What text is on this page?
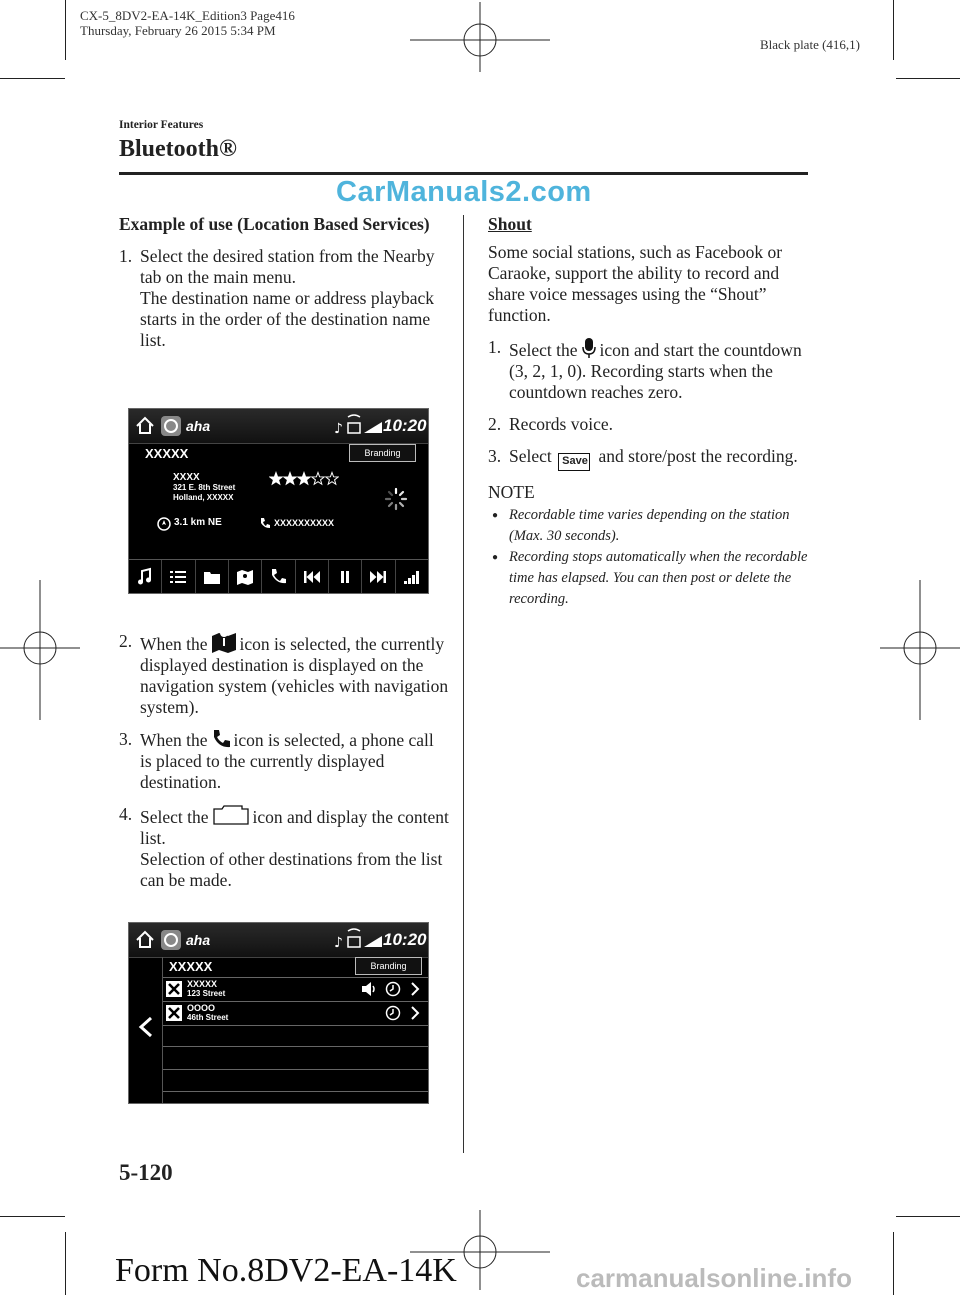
CX-5_8DV2-EA-14K_Edition3 Page416
Thursday, February 26 2015 5:34 PM
Black plate (416,1)
Interior Features
Bluetooth®
CarManuals2.com
Example of use (Location Based Services)
1. Select the desired station from the Nearby tab on the main menu.

The destination name or address playback starts in the order of the destination name list.

aha	♪ 10:20
XXXXX	Branding
XXXX
321 E. 8th Street
Holland, XXXXX
3.1 km NE	XXXXXXXXXX
2. When the icon is selected, the currently displayed destination is displayed on the navigation system (vehicles with navigation system).

3. When the icon is selected, a phone call is placed to the currently displayed destination.

4. Select the	icon and display the content list.

Selection of other destinations from the list can be made.

aha	♪ 10:20
XXXXX	Branding
XXXXX
123 Street
OOOO
46th Street
Shout

Some social stations, such as Facebook or Caraoke, support the ability to record and share voice messages using the “Shout” function.

1. Select the icon and start the countdown (3, 2, 1, 0). Recording starts when the countdown reaches zero.

2. Records voice.

3. Select Save and store/post the recording.

NOTE
● Recordable time varies depending on the station (Max. 30 seconds).
● Recording stops automatically when the recordable time has elapsed. You can then post or delete the recording.
5-120
Form No.8DV2-EA-14K	carmanualsonline.info
